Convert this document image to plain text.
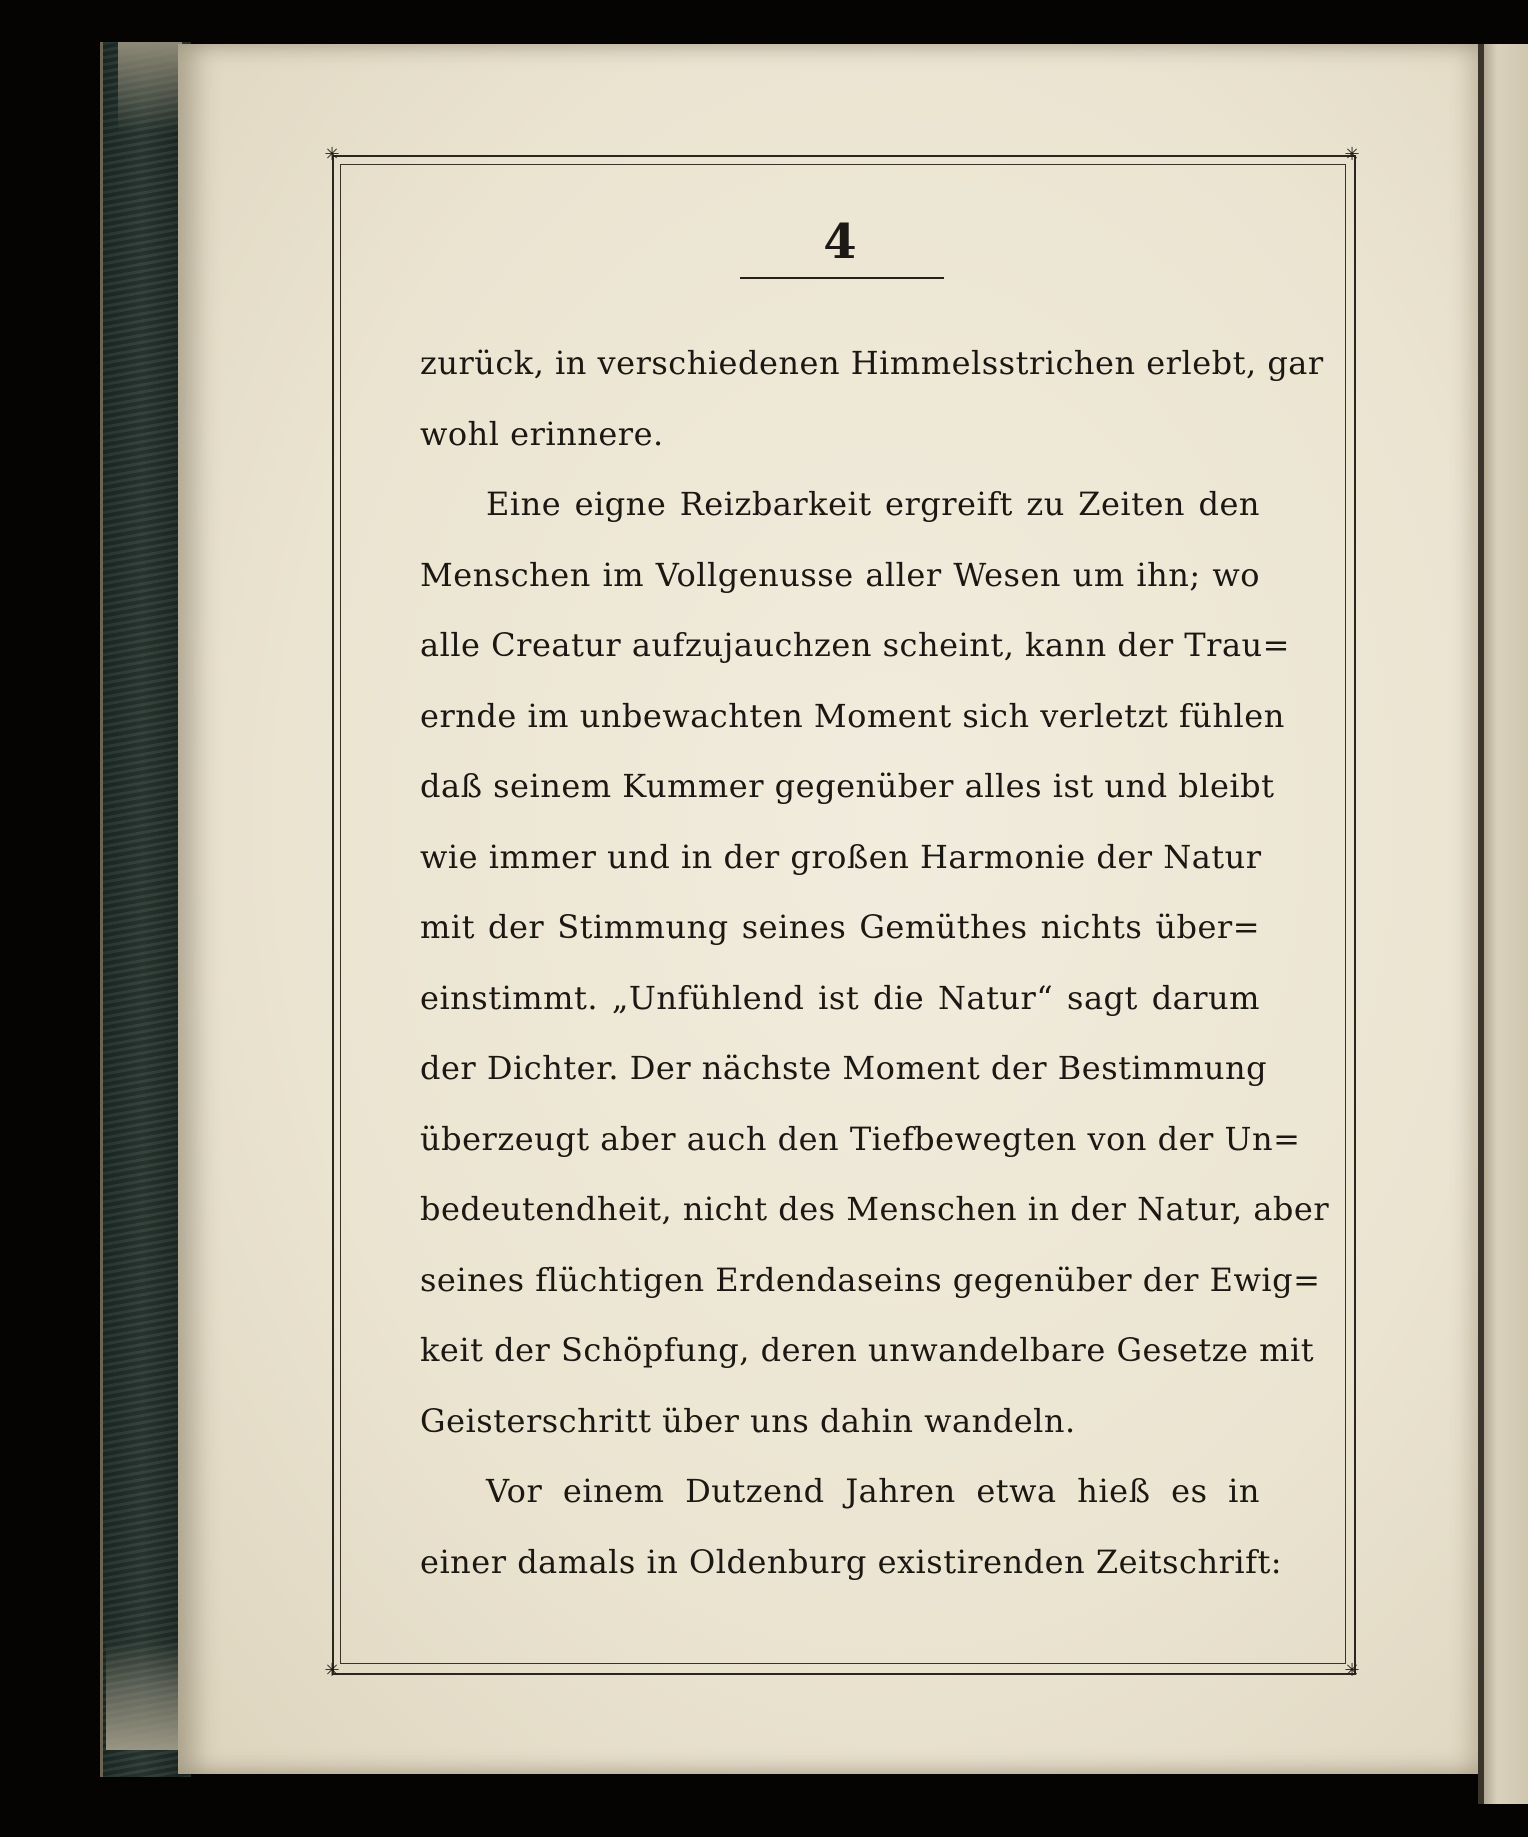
✳	✳
✳	✳
4
zurück, in verschiedenen Himmelsstrichen erlebt, gar
wohl erinnere.
Eine eigne Reizbarkeit ergreift zu Zeiten den
Menschen im Vollgenusse aller Wesen um ihn; wo
alle Creatur aufzujauchzen scheint, kann der Trau=
ernde im unbewachten Moment sich verletzt fühlen
daß seinem Kummer gegenüber alles ist und bleibt
wie immer und in der großen Harmonie der Natur
mit der Stimmung seines Gemüthes nichts über=
einstimmt. „Unfühlend ist die Natur“ sagt darum
der Dichter. Der nächste Moment der Bestimmung
überzeugt aber auch den Tiefbewegten von der Un=
bedeutendheit, nicht des Menschen in der Natur, aber
seines flüchtigen Erdendaseins gegenüber der Ewig=
keit der Schöpfung, deren unwandelbare Gesetze mit
Geisterschritt über uns dahin wandeln.
Vor einem Dutzend Jahren etwa hieß es in
einer damals in Oldenburg existirenden Zeitschrift:
